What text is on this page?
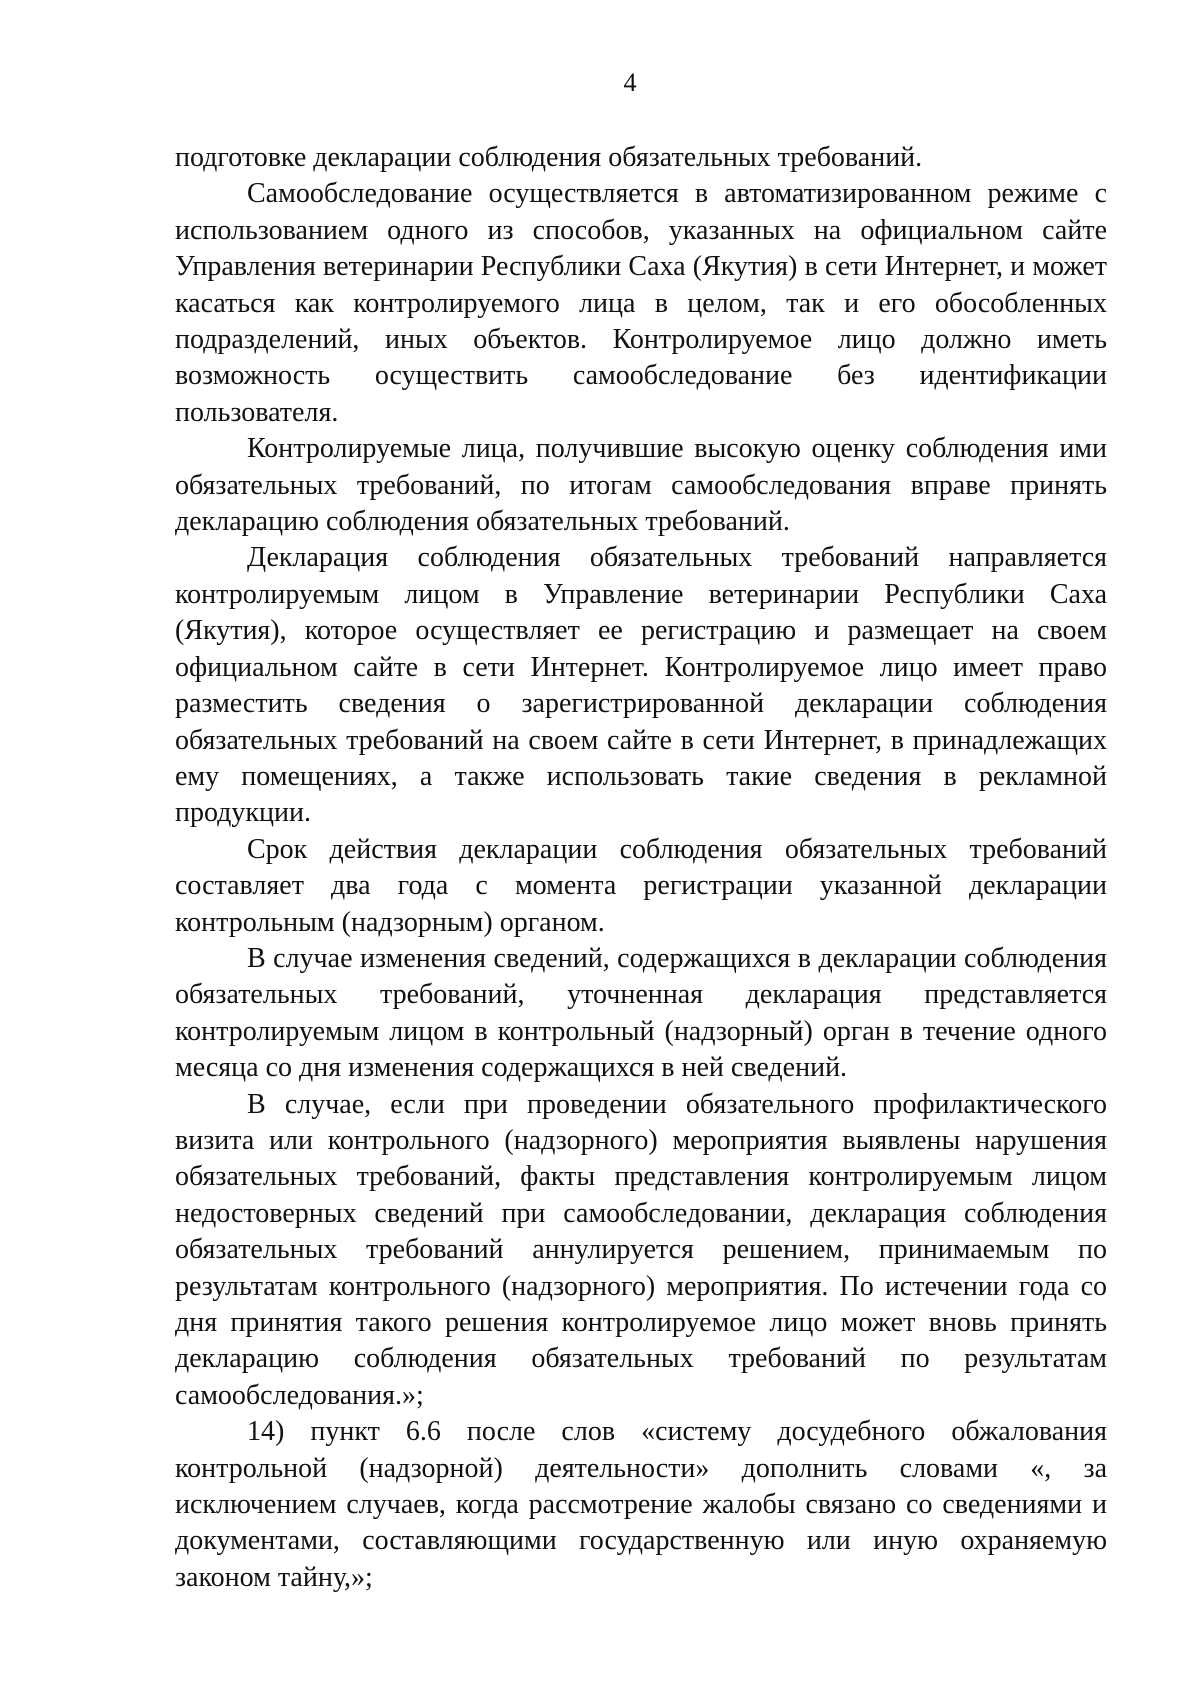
4

подготовке декларации соблюдения обязательных требований.

Самообследование осуществляется в автоматизированном режиме с использованием одного из способов, указанных на официальном сайте Управления ветеринарии Республики Саха (Якутия) в сети Интернет, и может касаться как контролируемого лица в целом, так и его обособленных подразделений, иных объектов. Контролируемое лицо должно иметь возможность осуществить самообследование без идентификации пользователя.

Контролируемые лица, получившие высокую оценку соблюдения ими обязательных требований, по итогам самообследования вправе принять декларацию соблюдения обязательных требований.

Декларация соблюдения обязательных требований направляется контролируемым лицом в Управление ветеринарии Республики Саха (Якутия), которое осуществляет ее регистрацию и размещает на своем официальном сайте в сети Интернет. Контролируемое лицо имеет право разместить сведения о зарегистрированной декларации соблюдения обязательных требований на своем сайте в сети Интернет, в принадлежащих ему помещениях, а также использовать такие сведения в рекламной продукции.

Срок действия декларации соблюдения обязательных требований составляет два года с момента регистрации указанной декларации контрольным (надзорным) органом.

В случае изменения сведений, содержащихся в декларации соблюдения обязательных требований, уточненная декларация представляется контролируемым лицом в контрольный (надзорный) орган в течение одного месяца со дня изменения содержащихся в ней сведений.

В случае, если при проведении обязательного профилактического визита или контрольного (надзорного) мероприятия выявлены нарушения обязательных требований, факты представления контролируемым лицом недостоверных сведений при самообследовании, декларация соблюдения обязательных требований аннулируется решением, принимаемым по результатам контрольного (надзорного) мероприятия. По истечении года со дня принятия такого решения контролируемое лицо может вновь принять декларацию соблюдения обязательных требований по результатам самообследования.»;

14) пункт 6.6 после слов «систему досудебного обжалования контрольной (надзорной) деятельности» дополнить словами «, за исключением случаев, когда рассмотрение жалобы связано со сведениями и документами, составляющими государственную или иную охраняемую законом тайну,»;
